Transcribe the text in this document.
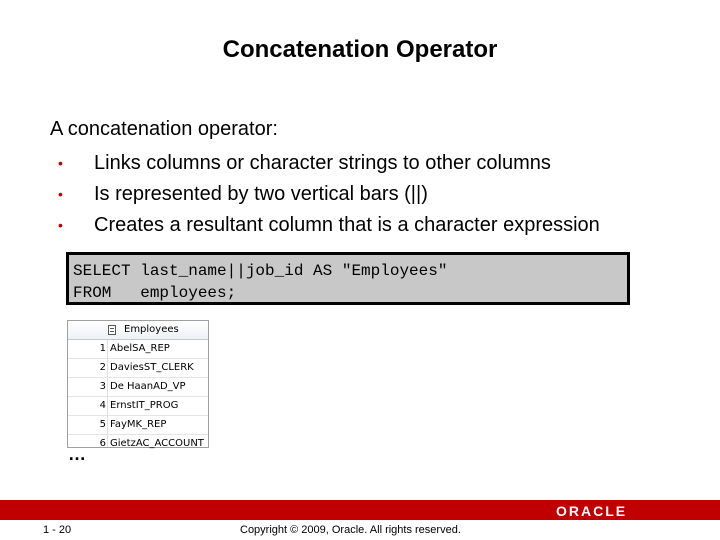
Concatenation Operator
A concatenation operator:
• Links columns or character strings to other columns
• Is represented by two vertical bars (||)
• Creates a resultant column that is a character expression
SELECT last_name||job_id AS "Employees"
FROM   employees;
Employees
1 AbelSA_REP
2 DaviesST_CLERK
3 De HaanAD_VP
4 ErnstIT_PROG
5 FayMK_REP
6 GietzAC_ACCOUNT
…
ORACLE
1 - 20	Copyright © 2009, Oracle. All rights reserved.
